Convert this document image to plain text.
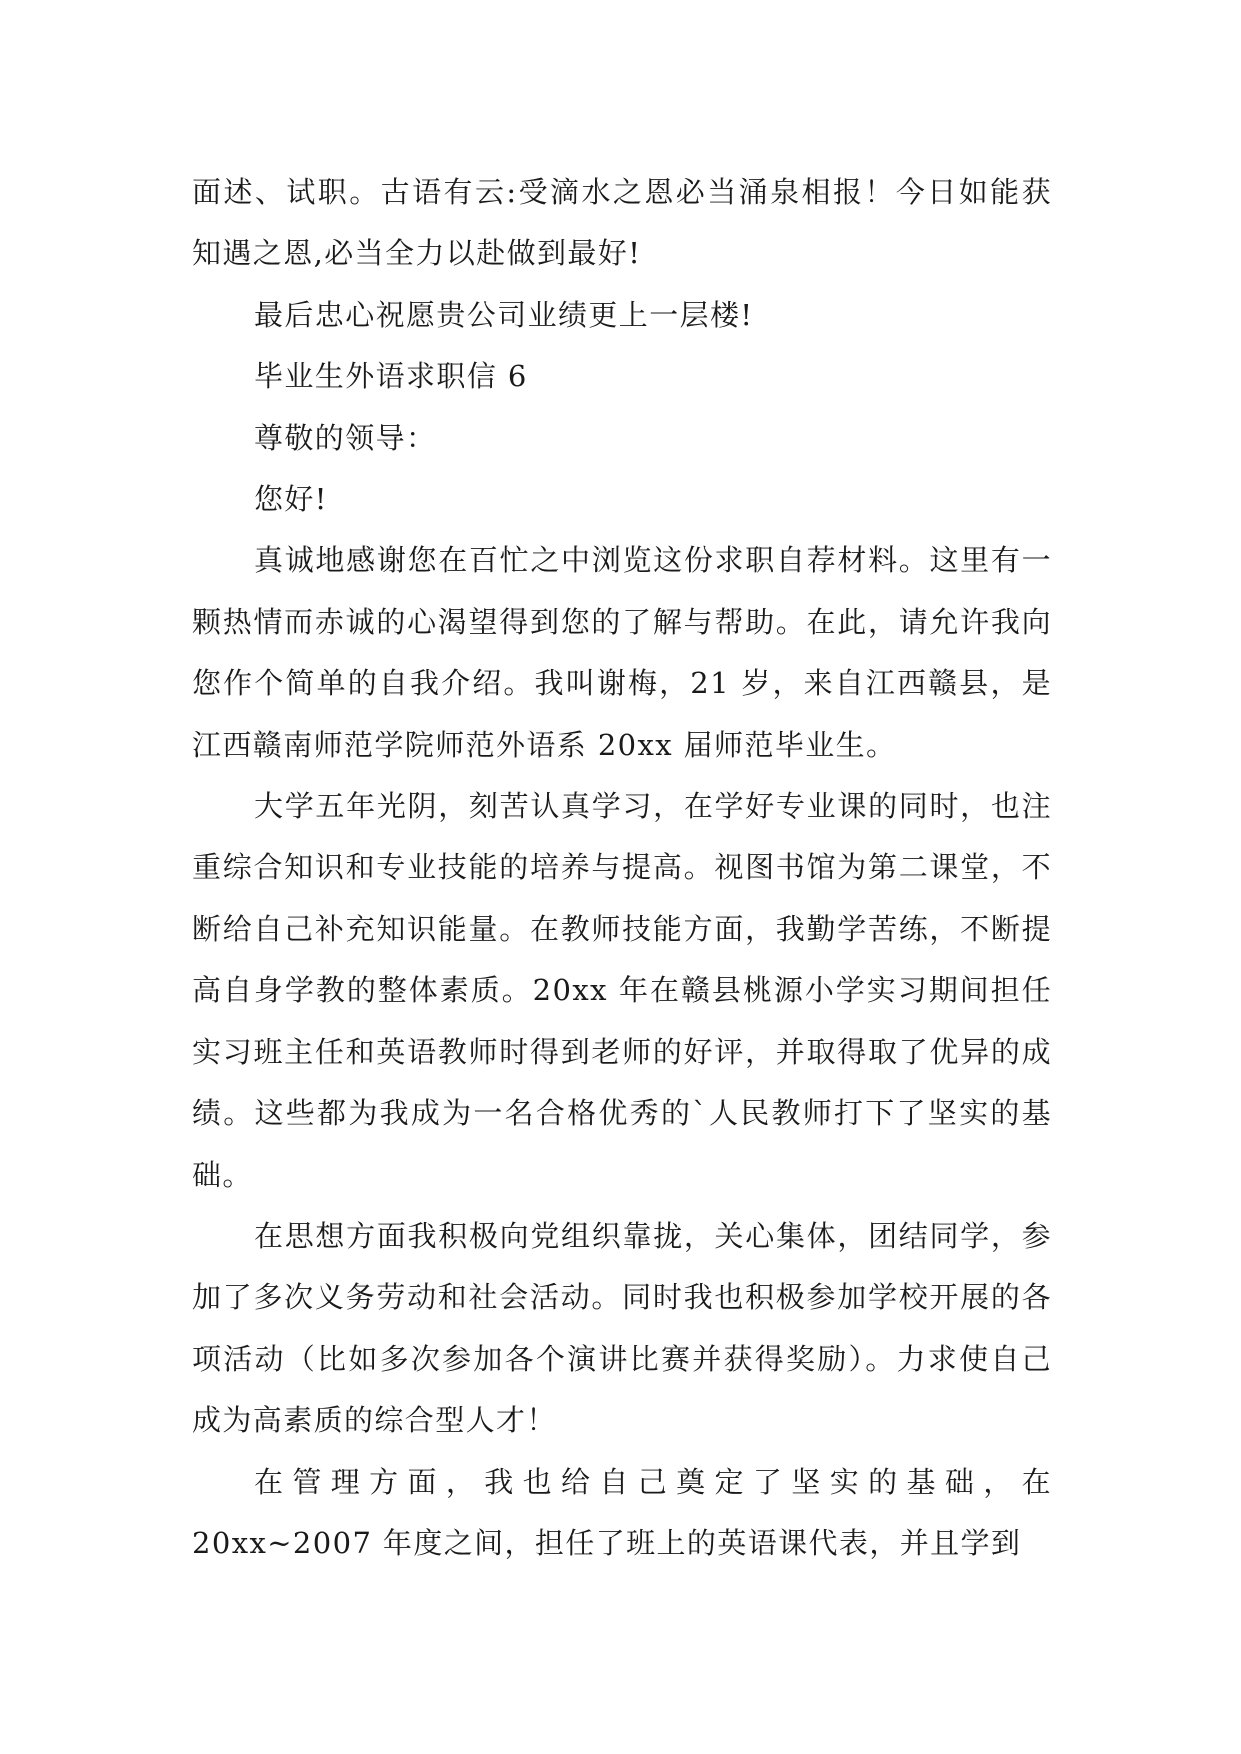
面述、试职。古语有云:受滴水之恩必当涌泉相报！今日如能获知遇之恩,必当全力以赴做到最好!

最后忠心祝愿贵公司业绩更上一层楼!

毕业生外语求职信 6

尊敬的领导：

您好!

真诚地感谢您在百忙之中浏览这份求职自荐材料。这里有一颗热情而赤诚的心渴望得到您的了解与帮助。在此，请允许我向您作个简单的自我介绍。我叫谢梅，21 岁，来自江西赣县，是江西赣南师范学院师范外语系 20xx 届师范毕业生。

大学五年光阴，刻苦认真学习，在学好专业课的同时，也注重综合知识和专业技能的培养与提高。视图书馆为第二课堂，不断给自己补充知识能量。在教师技能方面，我勤学苦练，不断提高自身学教的整体素质。20xx 年在赣县桃源小学实习期间担任实习班主任和英语教师时得到老师的好评，并取得取了优异的成绩。这些都为我成为一名合格优秀的`人民教师打下了坚实的基础。

在思想方面我积极向党组织靠拢，关心集体，团结同学，参加了多次义务劳动和社会活动。同时我也积极参加学校开展的各项活动（比如多次参加各个演讲比赛并获得奖励）。力求使自己成为高素质的综合型人才！

在管理方面，我也给自己奠定了坚实的基础，在20xx~2007 年度之间，担任了班上的英语课代表，并且学到
